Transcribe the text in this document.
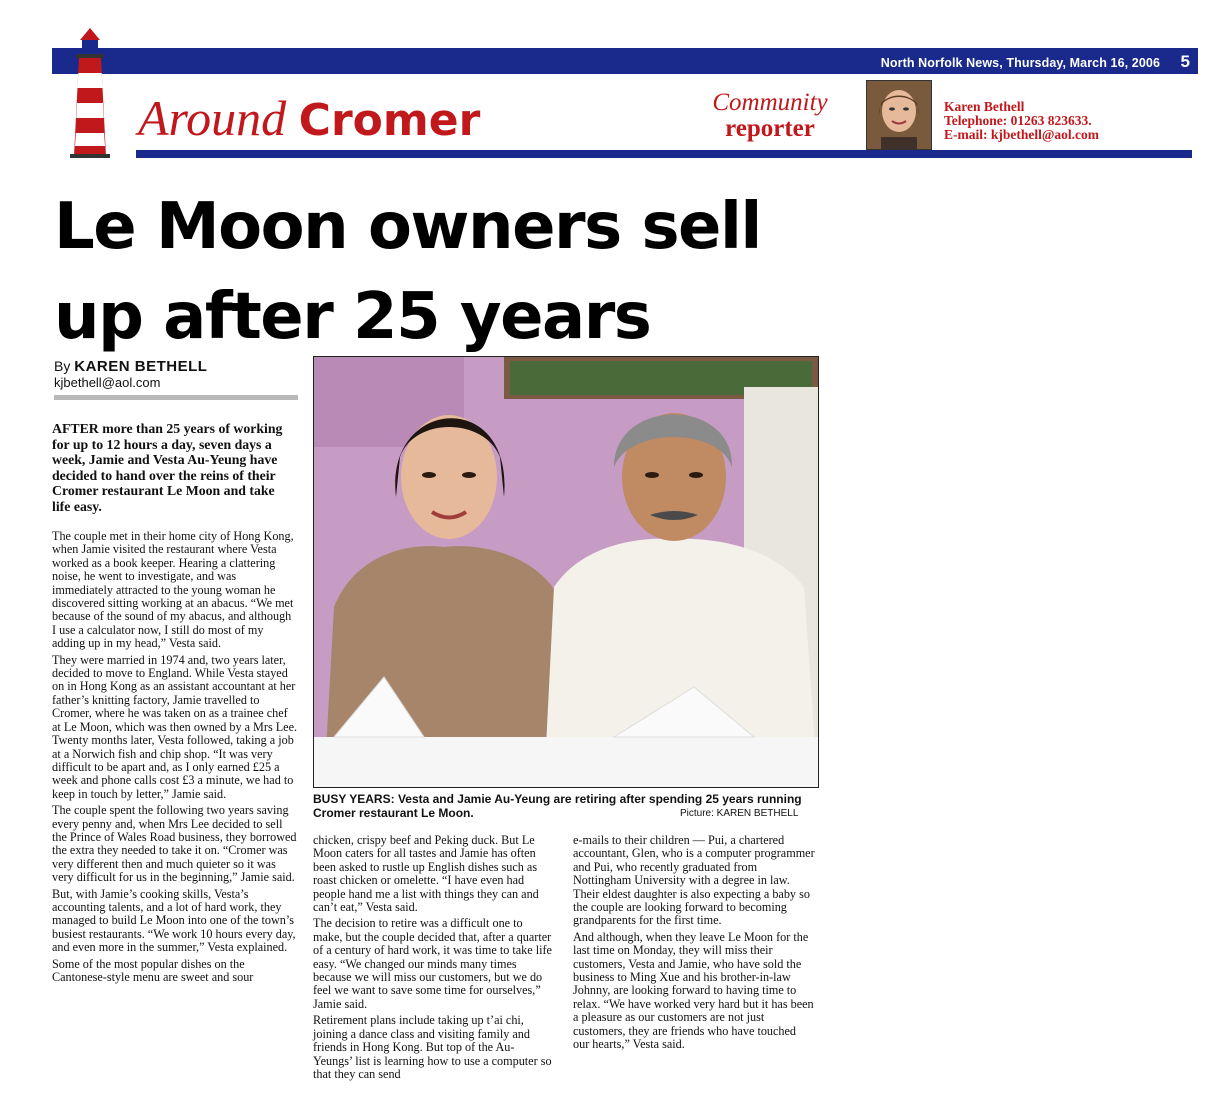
North Norfolk News, Thursday, March 16, 2006 5
Around Cromer	Community
reporter
Karen Bethell
Telephone: 01263 823633.
E-mail: kjbethell@aol.com
Le Moon owners sell
up after 25 years
By KAREN BETHELL
kjbethell@aol.com
AFTER more than 25 years of working for up to 12 hours a day, seven days a week, Jamie and Vesta Au-Yeung have decided to hand over the reins of their Cromer restaurant Le Moon and take life easy.

The couple met in their home city of Hong Kong, when Jamie visited the restaurant where Vesta worked as a book keeper. Hearing a clattering noise, he went to investigate, and was immediately attracted to the young woman he discovered sitting working at an abacus. “We met because of the sound of my abacus, and although I use a calculator now, I still do most of my adding up in my head,” Vesta said.

They were married in 1974 and, two years later, decided to move to England. While Vesta stayed on in Hong Kong as an assistant accountant at her father’s knitting factory, Jamie travelled to Cromer, where he was taken on as a trainee chef at Le Moon, which was then owned by a Mrs Lee. Twenty months later, Vesta followed, taking a job at a Norwich fish and chip shop. “It was very difficult to be apart and, as I only earned £25 a week and phone calls cost £3 a minute, we had to keep in touch by letter,” Jamie said.

The couple spent the following two years saving every penny and, when Mrs Lee decided to sell the Prince of Wales Road business, they borrowed the extra they needed to take it on. “Cromer was very different then and much quieter so it was very difficult for us in the beginning,” Jamie said.

But, with Jamie’s cooking skills, Vesta’s accounting talents, and a lot of hard work, they managed to build Le Moon into one of the town’s busiest restaurants. “We work 10 hours every day, and even more in the summer,” Vesta explained.

Some of the most popular dishes on the Cantonese-style menu are sweet and sour

BUSY YEARS: Vesta and Jamie Au-Yeung are retiring after spending 25 years running Cromer restaurant Le Moon.	Picture: KAREN BETHELL

chicken, crispy beef and Peking duck. But Le Moon caters for all tastes and Jamie has often been asked to rustle up English dishes such as roast chicken or omelette. “I have even had people hand me a list with things they can and can’t eat,” Vesta said.

The decision to retire was a difficult one to make, but the couple decided that, after a quarter of a century of hard work, it was time to take life easy. “We changed our minds many times because we will miss our customers, but we do feel we want to save some time for ourselves,” Jamie said.

Retirement plans include taking up t’ai chi, joining a dance class and visiting family and friends in Hong Kong. But top of the Au-Yeungs’ list is learning how to use a computer so that they can send

e-mails to their children — Pui, a chartered accountant, Glen, who is a computer programmer and Pui, who recently graduated from Nottingham University with a degree in law. Their eldest daughter is also expecting a baby so the couple are looking forward to becoming grandparents for the first time.

And although, when they leave Le Moon for the last time on Monday, they will miss their customers, Vesta and Jamie, who have sold the business to Ming Xue and his brother-in-law Johnny, are looking forward to having time to relax. “We have worked very hard but it has been a pleasure as our customers are not just customers, they are friends who have touched our hearts,” Vesta said.
